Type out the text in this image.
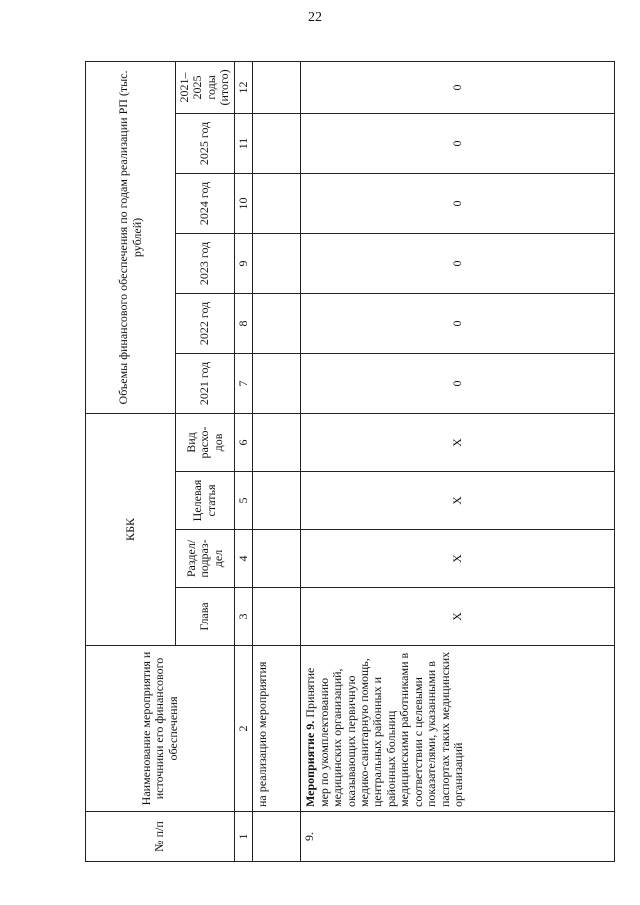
22
№ п/п	Наименование мероприятия и источники его финансового обеспечения	КБК				Объемы финансового обеспечения по годам реализации РП (тыс. рублей)					
		Глава	Раздел/ подраз- дел	Целевая статья	Вид расхо- дов	2021 год	2022 год	2023 год	2024 год	2025 год	2021– 2025 годы (итого)
1	2	3	4	5	6	7	8	9	10	11	12
	на реализацию мероприятия										
9.	Мероприятие 9. Принятие мер по укомплектованию медицинских организаций, оказывающих первичную медико-санитарную помощь, центральных районных и районных больниц медицинскими работниками в соответствии с целевыми показателями, указанными в паспортах таких медицинских организаций	X	X	X	X	0	0	0	0	0	0
